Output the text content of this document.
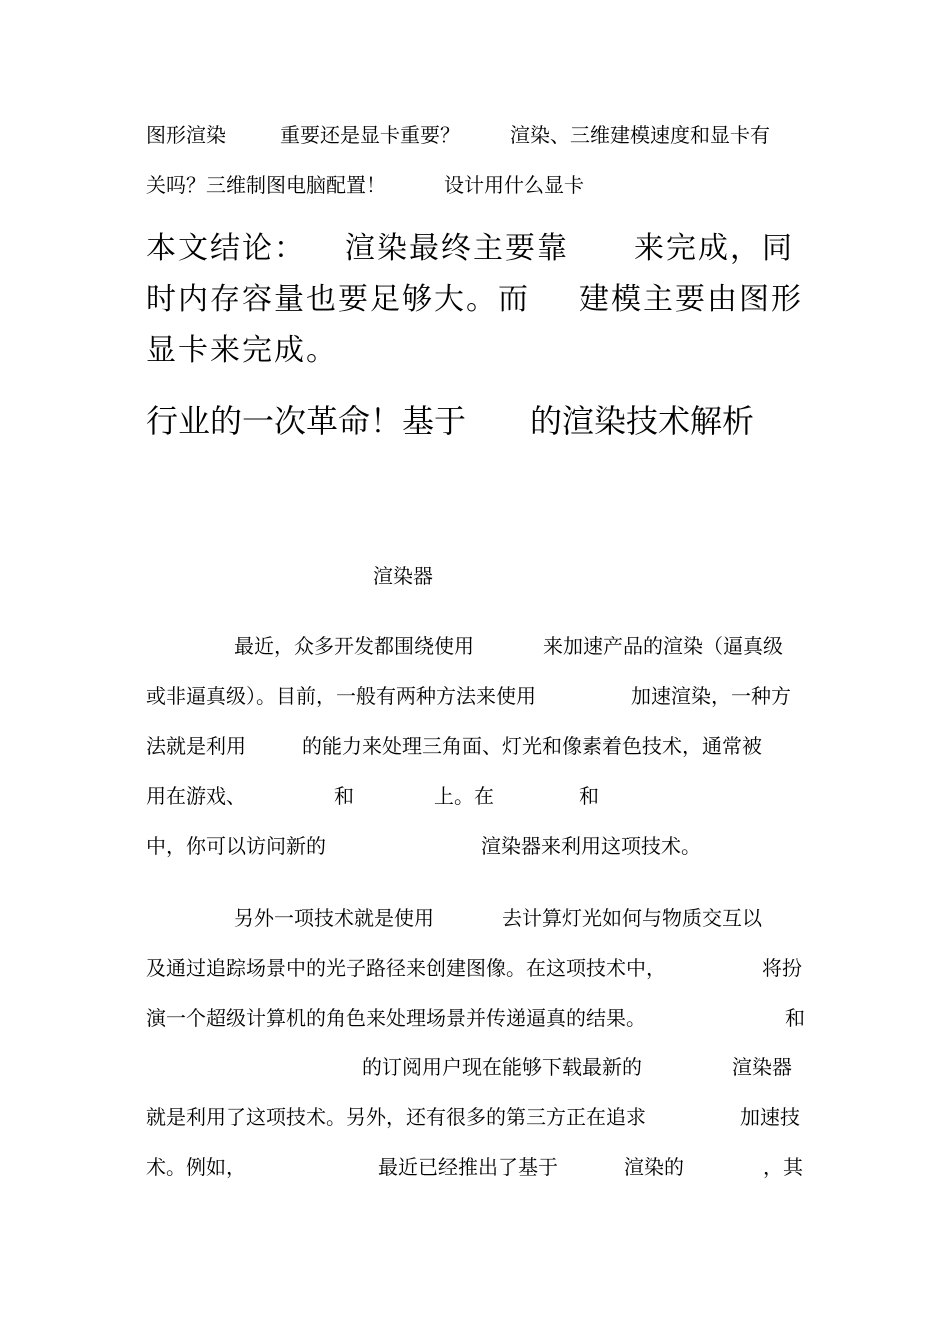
图形渲染	重要还是显卡重要？	渲染、三维建模速度和显卡有
关吗？三维制图电脑配置！	设计用什么显卡
本文结论： 渲染最终主要靠 来完成，同
时内存容量也要足够大。而 建模主要由图形
显卡来完成。
行业的一次革命！基于 的渲染技术解析
渲染器
最近，众多开发都围绕使用	来加速产品的渲染（逼真级
或非逼真级）。目前，一般有两种方法来使用	加速渲染，一种方
法就是利用	的能力来处理三角面、灯光和像素着色技术，通常被
用在游戏、	和	上。在	和
中，你可以访问新的	渲染器来利用这项技术。
另外一项技术就是使用	去计算灯光如何与物质交互以
及通过追踪场景中的光子路径来创建图像。在这项技术中，	将扮
演一个超级计算机的角色来处理场景并传递逼真的结果。	和
的订阅用户现在能够下载最新的	渲染器
就是利用了这项技术。另外，还有很多的第三方正在追求	加速技
术。例如，	最近已经推出了基于	渲染的	，其
